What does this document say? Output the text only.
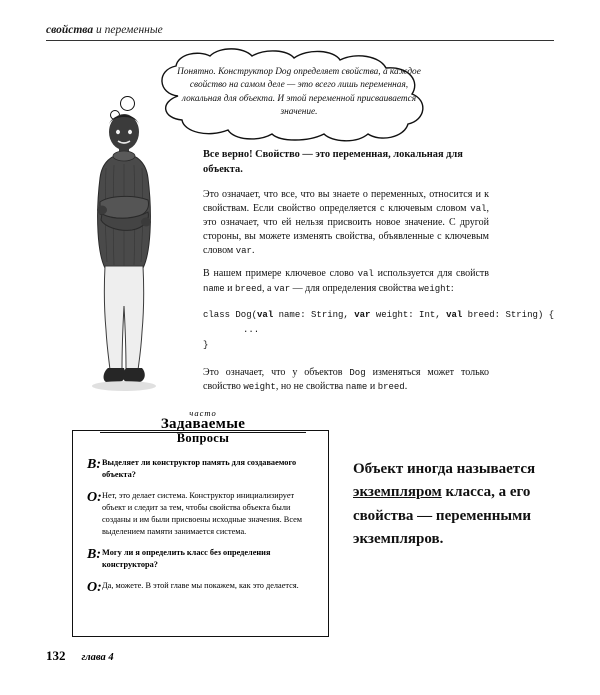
свойства и переменные
Понятно. Конструктор Dog определяет свойства, а каждое свойство на самом деле — это всего лишь переменная, локальная для объекта. И этой переменной присваивается значение.

Все верно! Свойство — это переменная, локальная для объекта.

Это означает, что все, что вы знаете о переменных, относится и к свойствам. Если свойство определяется с ключевым словом val, это означает, что ей нельзя присвоить новое значение. С другой стороны, вы можете изменять свойства, объявленные с ключевым словом var.

В нашем примере ключевое слово val используется для свойств name и breed, а var — для определения свойства weight:

class Dog(val name: String, var weight: Int, val breed: String) {
...
}

Это означает, что у объектов Dog изменяться может только свойство weight, но не свойства name и breed.

В: Выделяет ли конструктор память для создаваемого объекта?
О: Нет, это делает система. Конструктор инициализирует объект и следит за тем, чтобы свойства объекта были созданы и им были присвоены исходные значения. Всем выделением памяти занимается система.
В: Могу ли я определить класс без определения конструктора?
О: Да, можете. В этой главе мы покажем, как это делается.
часто
Задаваемые
Вопросы
Объект иногда называется экземпляром класса, а его свойства — переменными экземпляров.
132 глава 4
